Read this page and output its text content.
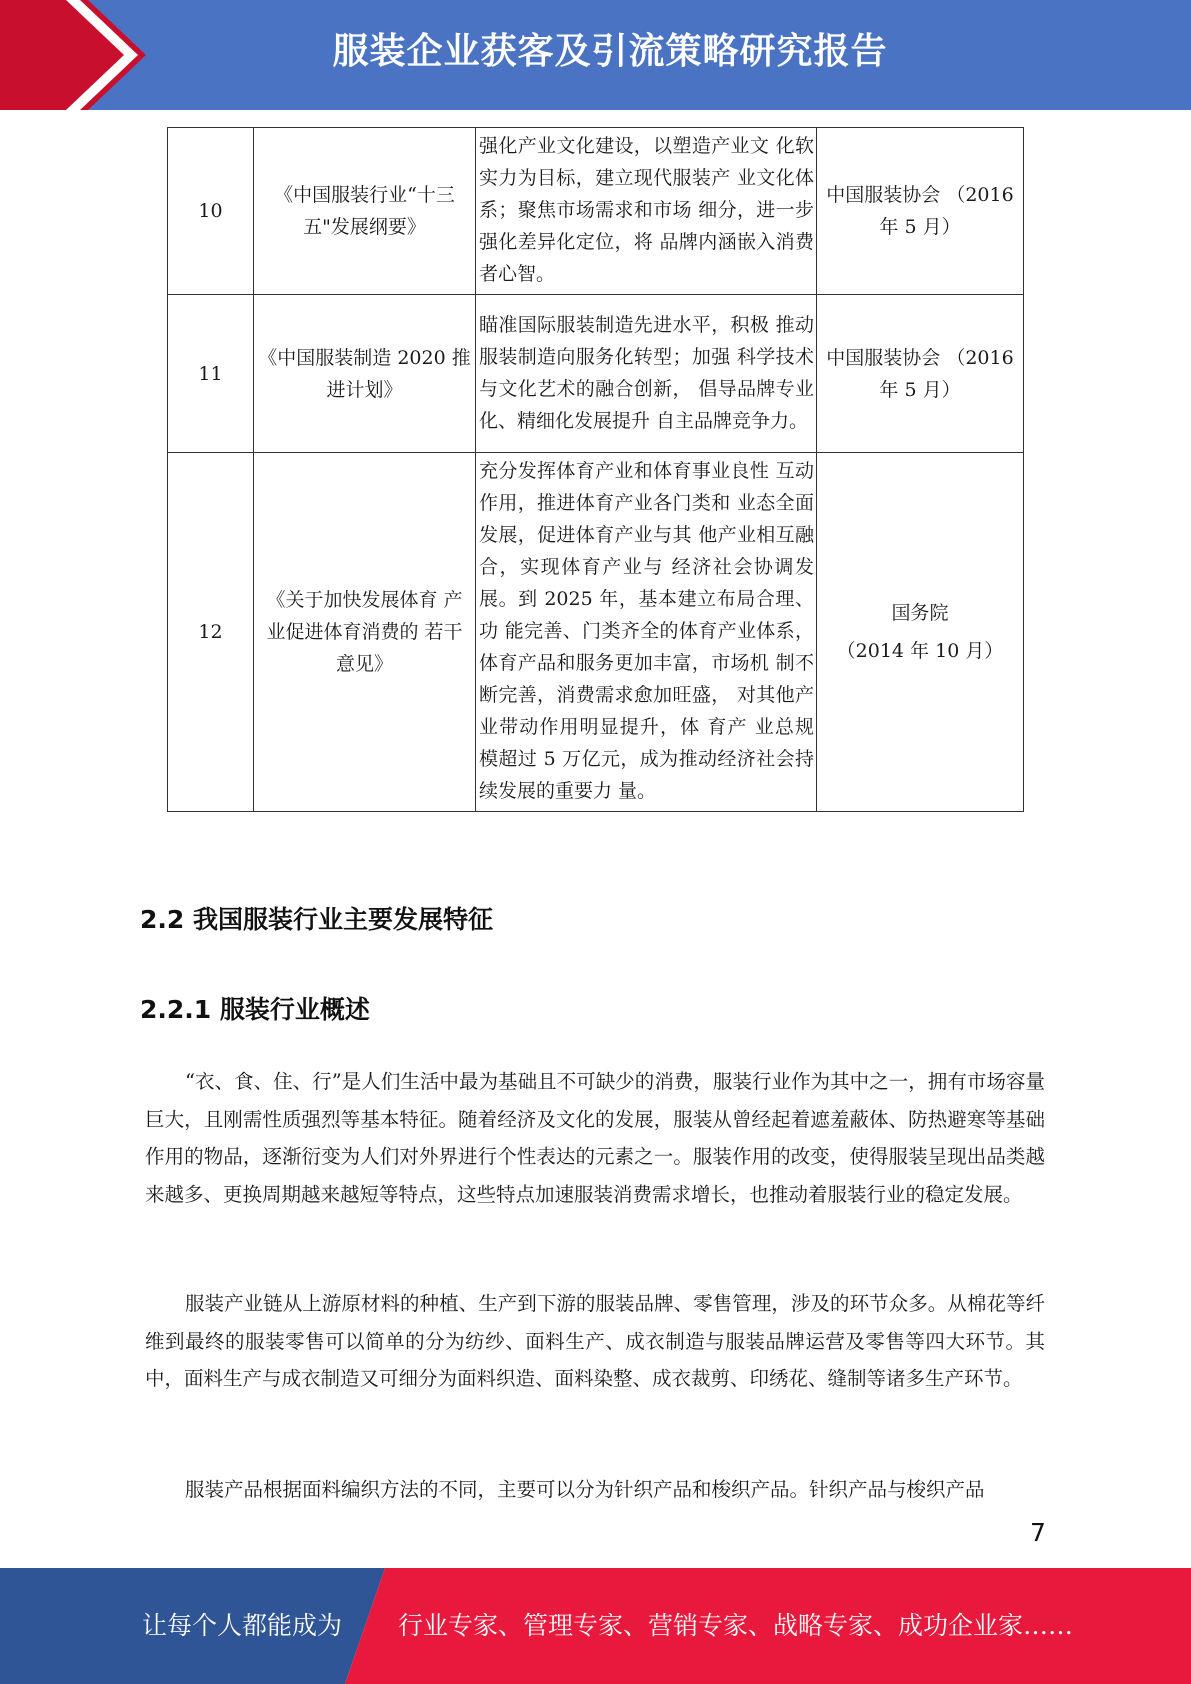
服装企业获客及引流策略研究报告
10	《中国服装行业“十三 五"发展纲要》	强化产业文化建设，以塑造产业文 化软实力为目标，建立现代服装产 业文化体系；聚焦市场需求和市场 细分，进一步强化差异化定位，将 品牌内涵嵌入消费者心智。	中国服装协会 （2016 年 5 月）
11	《中国服装制造 2020 推进计划》	瞄准国际服装制造先进水平，积极 推动服装制造向服务化转型；加强 科学技术与文化艺术的融合创新， 倡导品牌专业化、精细化发展提升 自主品牌竞争力。	中国服装协会 （2016 年 5 月）
12	《关于加快发展体育 产业促进体育消费的 若干意见》	充分发挥体育产业和体育事业良性 互动作用，推进体育产业各门类和 业态全面发展，促进体育产业与其 他产业相互融合，实现体育产业与 经济社会协调发展。到 2025 年，基本建立布局合理、功 能完善、门类齐全的体育产业体系， 体育产品和服务更加丰富，市场机 制不断完善，消费需求愈加旺盛， 对其他产业带动作用明显提升，体 育产 业总规模超过 5 万亿元，成为推动经济社会持续发展的重要力 量。	国务院
（2014 年 10 月）
2.2 我国服装行业主要发展特征
2.2.1 服装行业概述

“衣、食、住、行”是人们生活中最为基础且不可缺少的消费，服装行业作为其中之一，拥有市场容量巨大，且刚需性质强烈等基本特征。随着经济及文化的发展，服装从曾经起着遮羞蔽体、防热避寒等基础作用的物品，逐渐衍变为人们对外界进行个性表达的元素之一。服装作用的改变，使得服装呈现出品类越来越多、更换周期越来越短等特点，这些特点加速服装消费需求增长，也推动着服装行业的稳定发展。

服装产业链从上游原材料的种植、生产到下游的服装品牌、零售管理，涉及的环节众多。从棉花等纤维到最终的服装零售可以简单的分为纺纱、面料生产、成衣制造与服装品牌运营及零售等四大环节。其中，面料生产与成衣制造又可细分为面料织造、面料染整、成衣裁剪、印绣花、缝制等诸多生产环节。

服装产品根据面料编织方法的不同，主要可以分为针织产品和梭织产品。针织产品与梭织产品

7
让每个人都能成为 行业专家、管理专家、营销专家、战略专家、成功企业家……
